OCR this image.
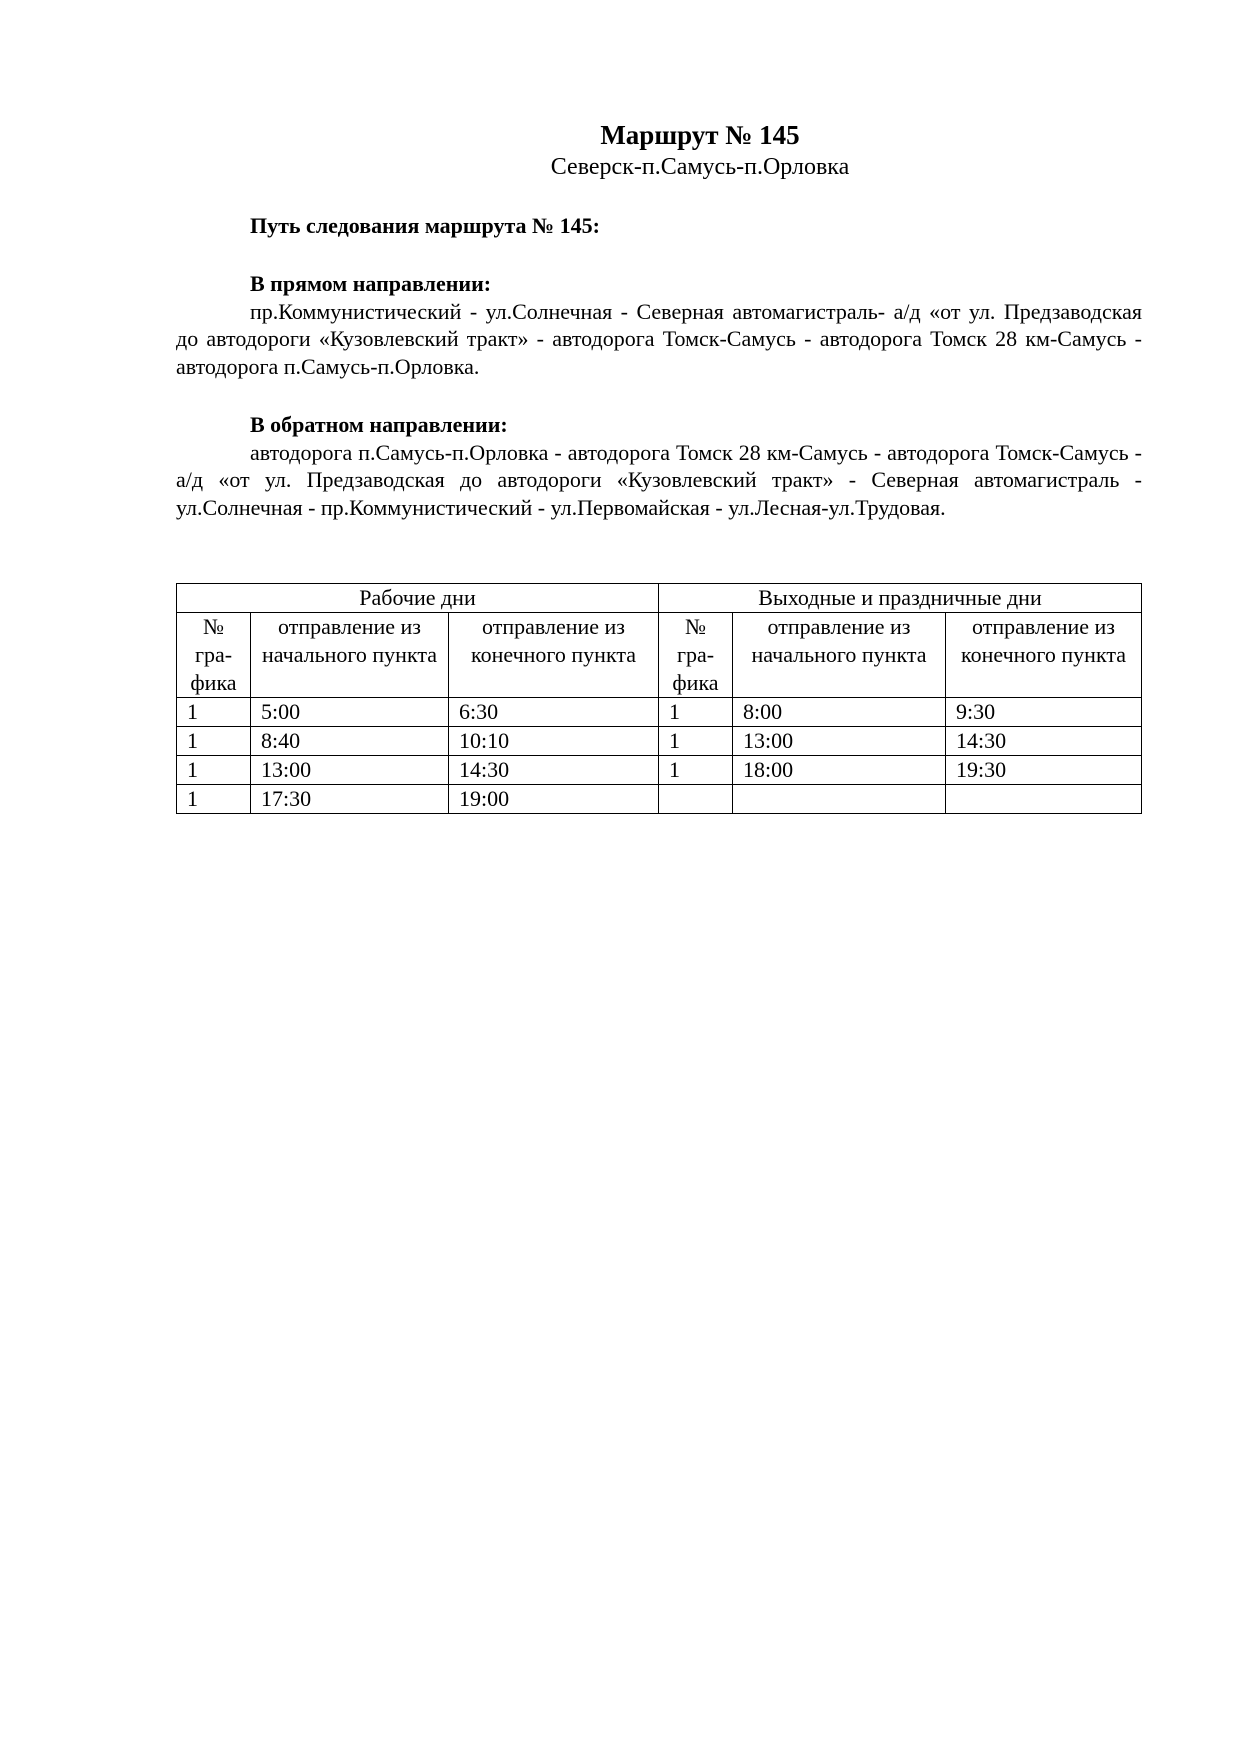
Маршрут № 145
Северск-п.Самусь-п.Орловка
Путь следования маршрута № 145:
В прямом направлении:
пр.Коммунистический - ул.Солнечная - Северная автомагистраль- а/д «от ул. Предзаводская до автодороги «Кузовлевский тракт» - автодорога Томск-Самусь - автодорога Томск 28 км-Самусь - автодорога п.Самусь-п.Орловка.
В обратном направлении:
автодорога п.Самусь-п.Орловка - автодорога Томск 28 км-Самусь - автодорога Томск-Самусь - а/д «от ул. Предзаводская до автодороги «Кузовлевский тракт» - Северная автомагистраль - ул.Солнечная - пр.Коммунистический - ул.Первомайская - ул.Лесная-ул.Трудовая.
Рабочие дни			Выходные и праздничные дни		
№ гра-фика	отправление из начального пункта	отправление из конечного пункта	№ гра-фика	отправление из начального пункта	отправление из конечного пункта
1	5:00	6:30	1	8:00	9:30
1	8:40	10:10	1	13:00	14:30
1	13:00	14:30	1	18:00	19:30
1	17:30	19:00			
